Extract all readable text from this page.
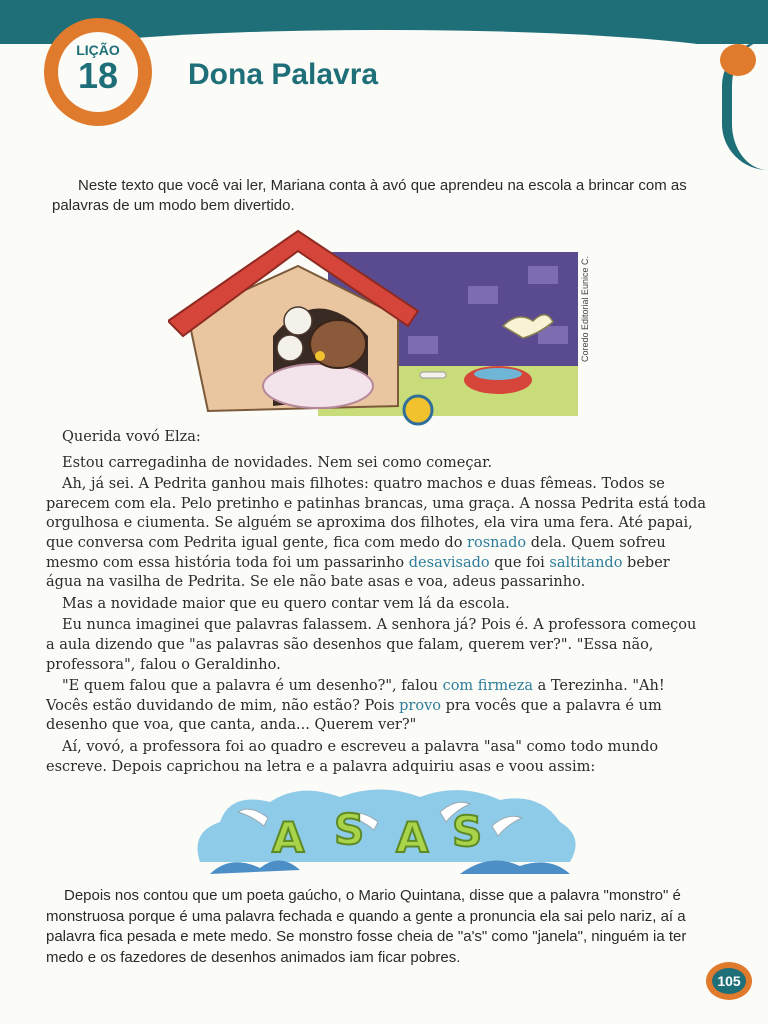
LIÇÃO
18	Dona Palavra

Neste texto que você vai ler, Mariana conta à avó que aprendeu na escola a brincar com as palavras de um modo bem divertido.

Coredo Editorial Eunice C.

Querida vovó Elza:

Estou carregadinha de novidades. Nem sei como começar.

Ah, já sei. A Pedrita ganhou mais filhotes: quatro machos e duas fêmeas. Todos se parecem com ela. Pelo pretinho e patinhas brancas, uma graça. A nossa Pedrita está toda orgulhosa e ciumenta. Se alguém se aproxima dos filhotes, ela vira uma fera. Até papai, que conversa com Pedrita igual gente, fica com medo do rosnado dela. Quem sofreu mesmo com essa história toda foi um passarinho desavisado que foi saltitando beber água na vasilha de Pedrita. Se ele não bate asas e voa, adeus passarinho.

Mas a novidade maior que eu quero contar vem lá da escola.

Eu nunca imaginei que palavras falassem. A senhora já? Pois é. A professora começou a aula dizendo que "as palavras são desenhos que falam, querem ver?". "Essa não, professora", falou o Geraldinho.

"E quem falou que a palavra é um desenho?", falou com firmeza a Terezinha. "Ah! Vocês estão duvidando de mim, não estão? Pois provo pra vocês que a palavra é um desenho que voa, que canta, anda... Querem ver?"

Aí, vovó, a professora foi ao quadro e escreveu a palavra "asa" como todo mundo escreve. Depois caprichou na letra e a palavra adquiriu asas e voou assim:

A S A S

Depois nos contou que um poeta gaúcho, o Mario Quintana, disse que a palavra "monstro" é monstruosa porque é uma palavra fechada e quando a gente a pronuncia ela sai pelo nariz, aí a palavra fica pesada e mete medo. Se monstro fosse cheia de "a's" como "janela", ninguém ia ter medo e os fazedores de desenhos animados iam ficar pobres.

105
